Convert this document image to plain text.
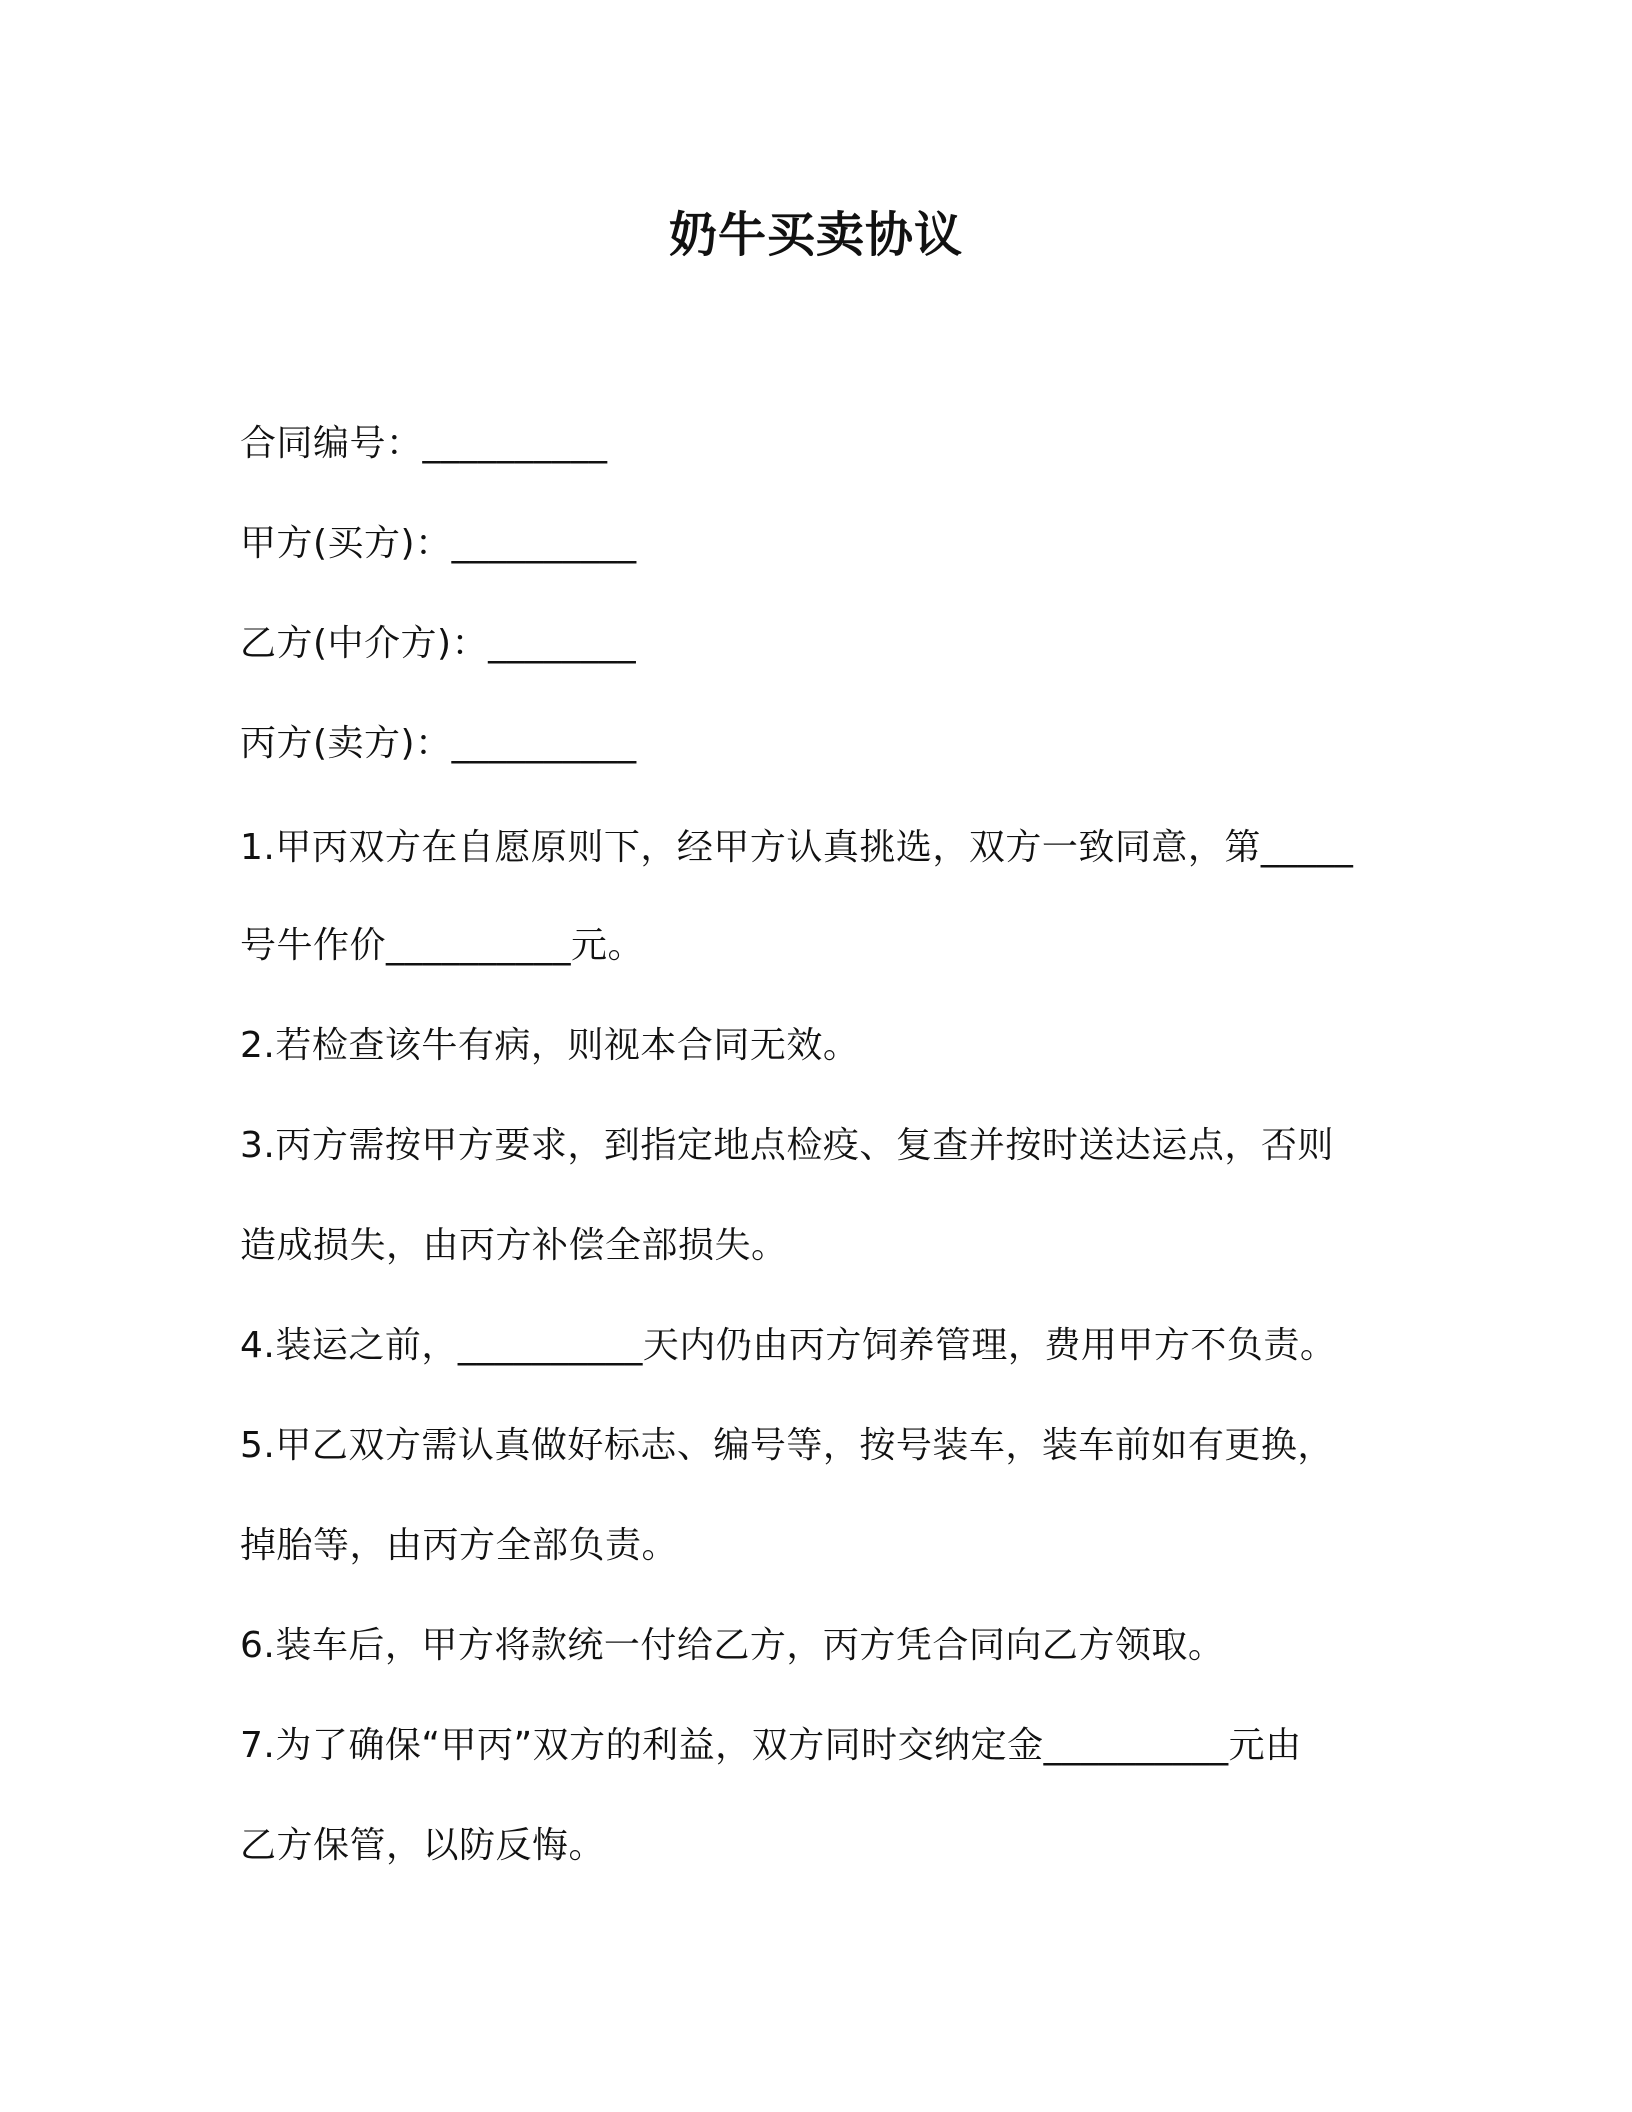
奶牛买卖协议
合同编号：__________
甲方(买方)：__________
乙方(中介方)：________
丙方(卖方)：__________
1.甲丙双方在自愿原则下，经甲方认真挑选，双方一致同意，第_____
号牛作价__________元。
2.若检查该牛有病，则视本合同无效。
3.丙方需按甲方要求，到指定地点检疫、复查并按时送达运点，否则
造成损失，由丙方补偿全部损失。
4.装运之前，__________天内仍由丙方饲养管理，费用甲方不负责。
5.甲乙双方需认真做好标志、编号等，按号装车，装车前如有更换，
掉胎等，由丙方全部负责。
6.装车后，甲方将款统一付给乙方，丙方凭合同向乙方领取。
7.为了确保“甲丙”双方的利益，双方同时交纳定金__________元由
乙方保管，以防反悔。
